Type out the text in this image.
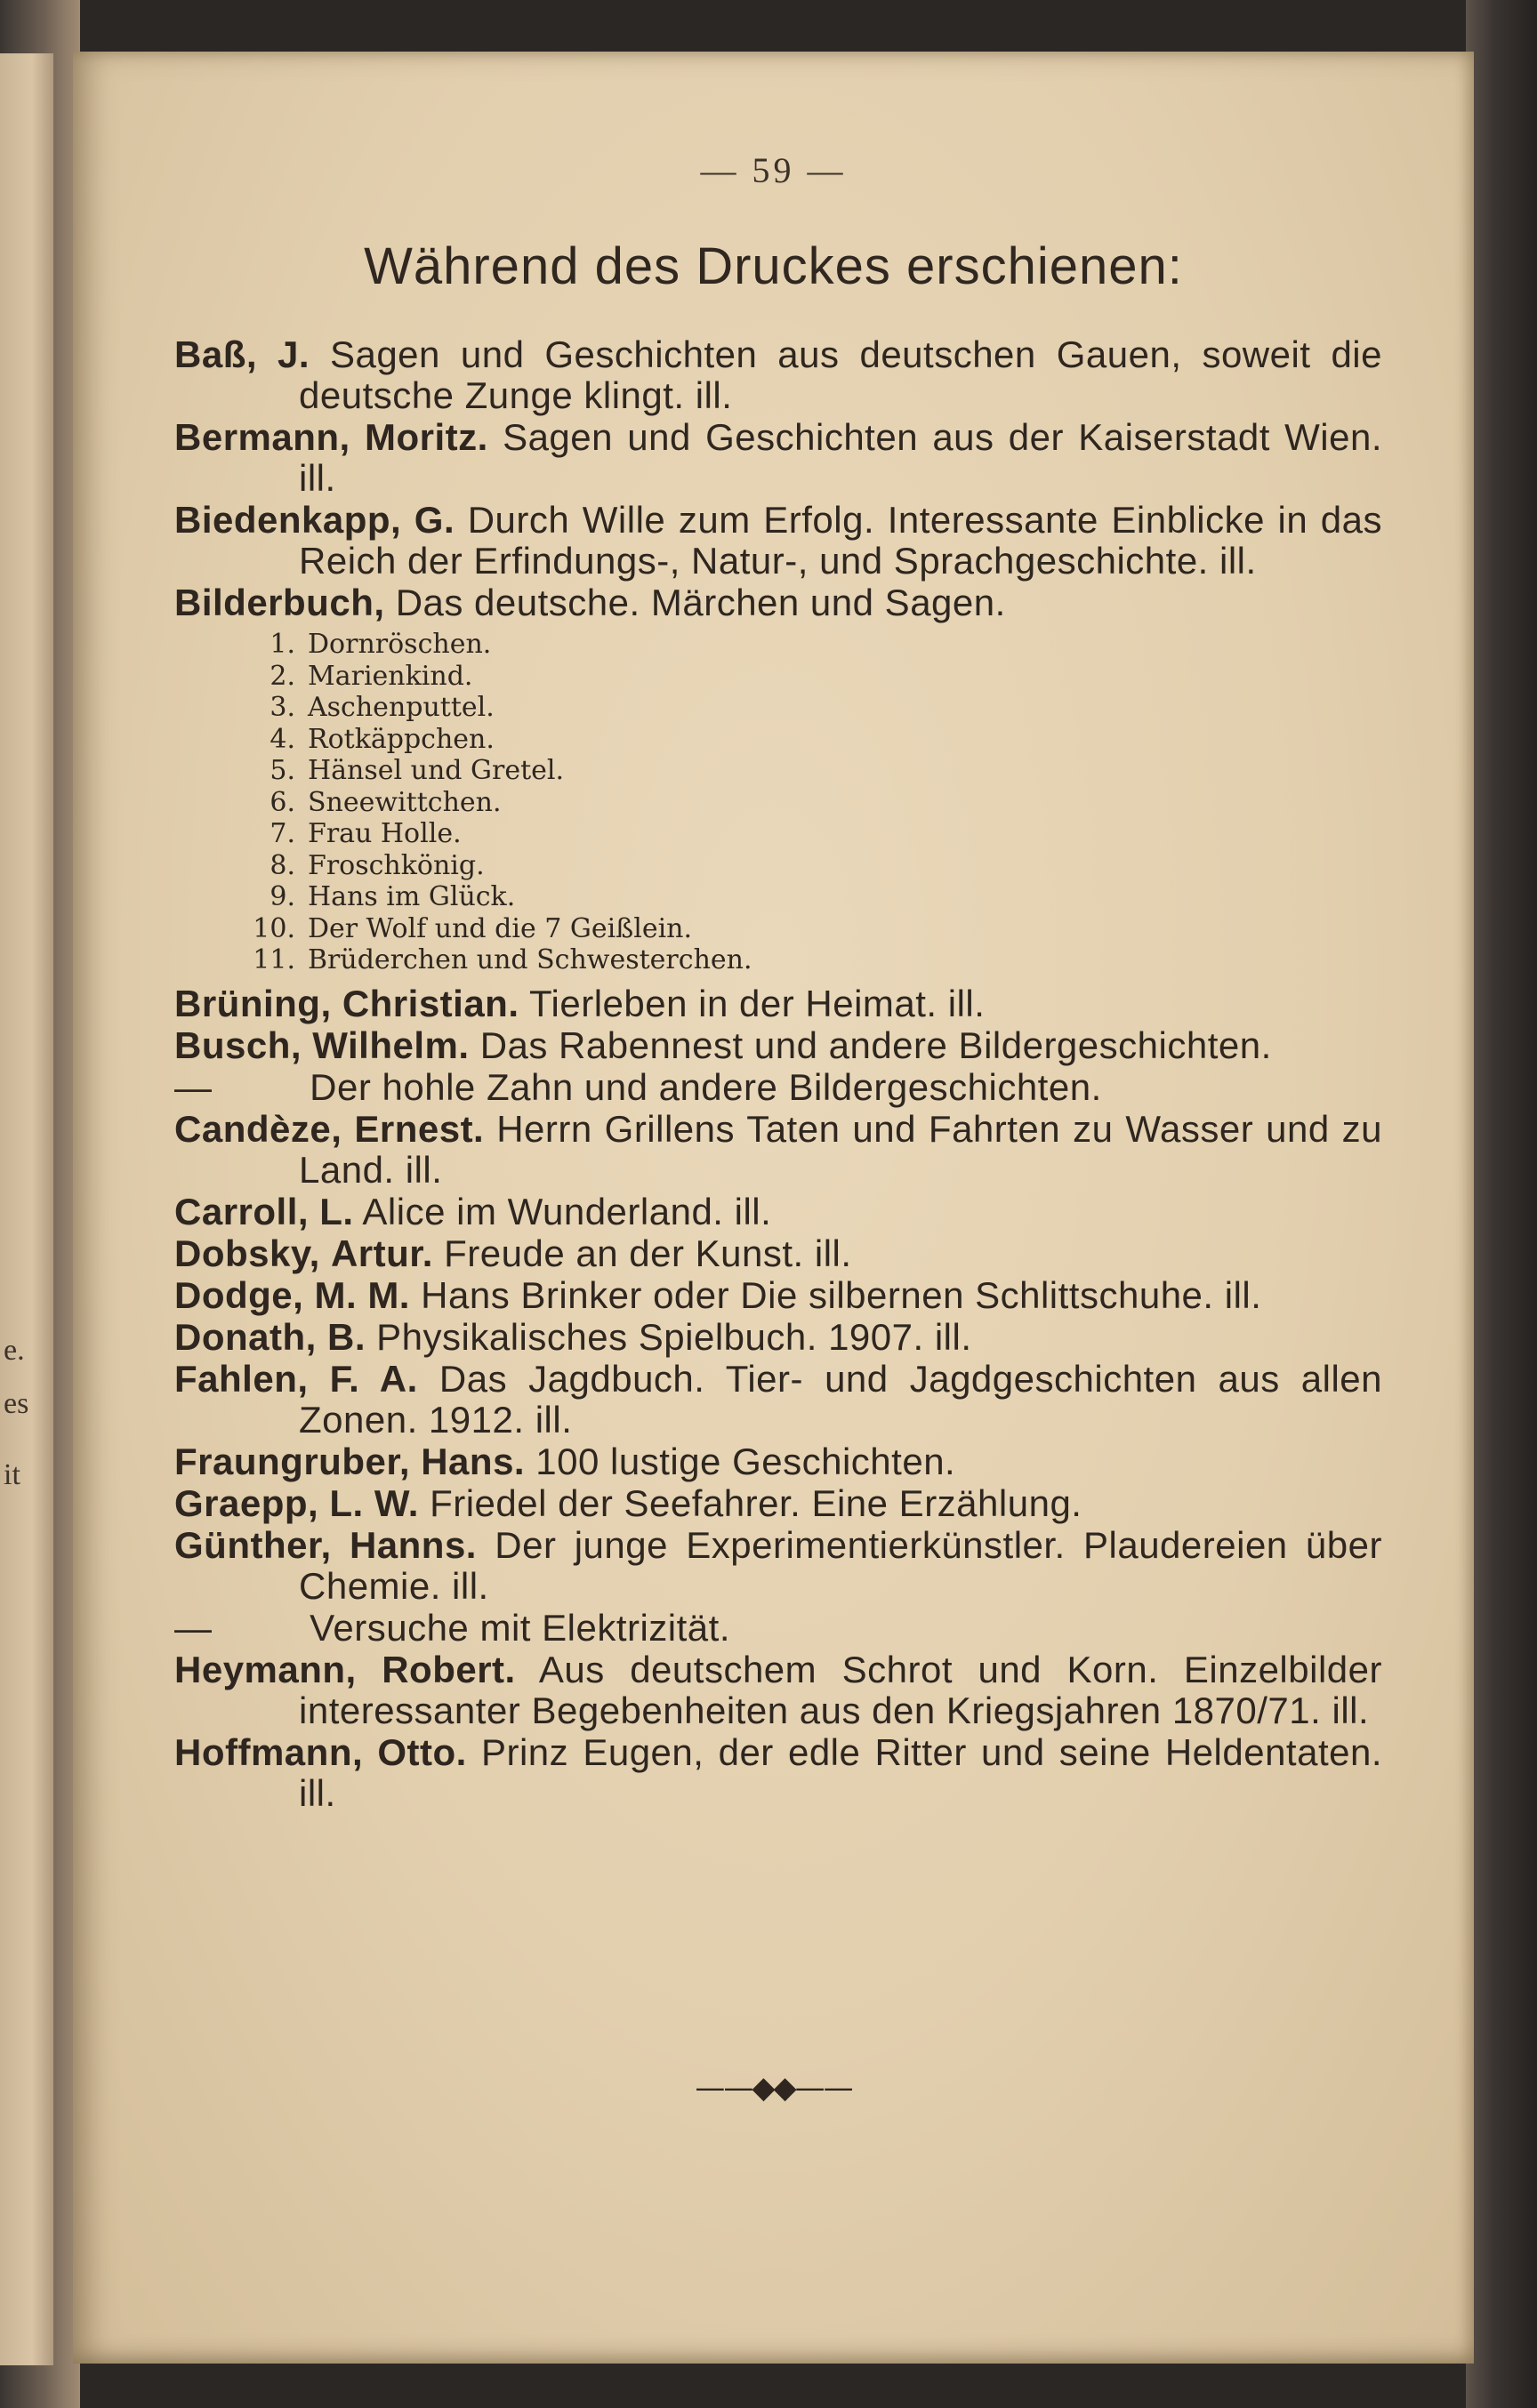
e.
es
it
— 59 —
Während des Druckes erschienen:

Baß, J. Sagen und Geschichten aus deutschen Gauen, soweit die deutsche Zunge klingt. ill.

Bermann, Moritz. Sagen und Geschichten aus der Kaiserstadt Wien. ill.

Biedenkapp, G. Durch Wille zum Erfolg. Interessante Einblicke in das Reich der Erfindungs-, Natur-, und Sprachgeschichte. ill.

Bilderbuch, Das deutsche. Märchen und Sagen.

1. Dornröschen.
2. Marienkind.
3. Aschenputtel.
4. Rotkäppchen.
5. Hänsel und Gretel.
6. Sneewittchen.
7. Frau Holle.
8. Froschkönig.
9. Hans im Glück.
10. Der Wolf und die 7 Geißlein.
11. Brüderchen und Schwesterchen.

Brüning, Christian. Tierleben in der Heimat. ill.

Busch, Wilhelm. Das Rabennest und andere Bildergeschichten.

—	Der hohle Zahn und andere Bildergeschichten.

Candèze, Ernest. Herrn Grillens Taten und Fahrten zu Wasser und zu Land. ill.

Carroll, L. Alice im Wunderland. ill.

Dobsky, Artur. Freude an der Kunst. ill.

Dodge, M. M. Hans Brinker oder Die silbernen Schlittschuhe. ill.

Donath, B. Physikalisches Spielbuch. 1907. ill.

Fahlen, F. A. Das Jagdbuch. Tier- und Jagdgeschichten aus allen Zonen. 1912. ill.

Fraungruber, Hans. 100 lustige Geschichten.

Graepp, L. W. Friedel der Seefahrer. Eine Erzählung.

Günther, Hanns. Der junge Experimentierkünstler. Plaudereien über Chemie. ill.

—	Versuche mit Elektrizität.

Heymann, Robert. Aus deutschem Schrot und Korn. Einzelbilder interessanter Begebenheiten aus den Kriegsjahren 1870/71. ill.

Hoffmann, Otto. Prinz Eugen, der edle Ritter und seine Heldentaten. ill.

——◆◆——
